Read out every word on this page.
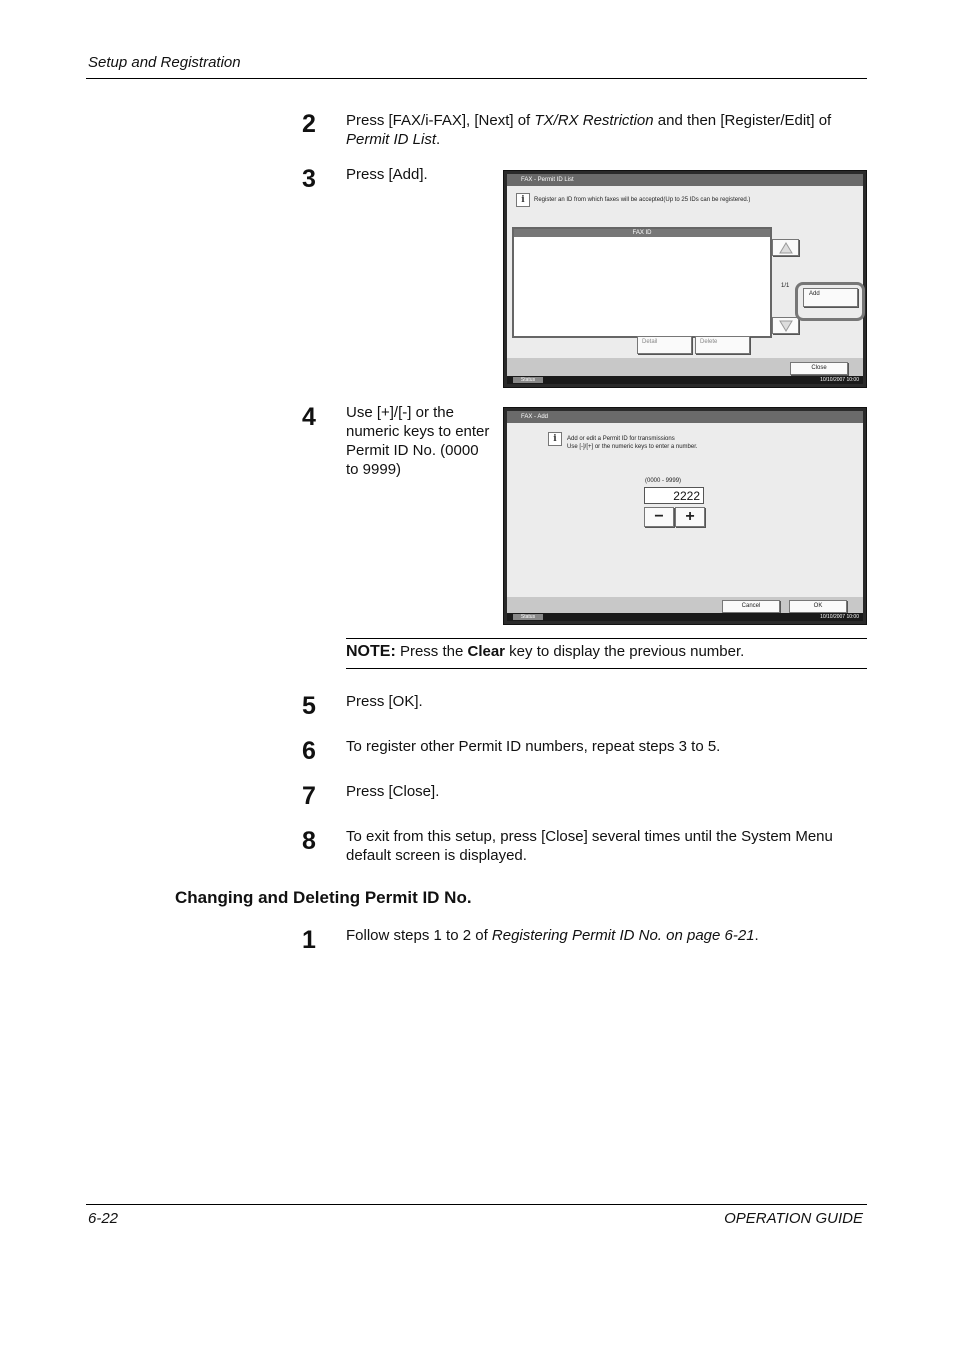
Setup and Registration
6-22	OPERATION GUIDE
2	Press [FAX/i-FAX], [Next] of TX/RX Restriction and then [Register/Edit] of Permit ID List.
3	Press [Add].	FAX - Permit ID List
i	Register an ID from which faxes will be accepted(Up to 25 IDs can be registered.)
FAX ID
1/1
Add
Detail	Delete
Close
Status	10/10/2007 10:00
4	Use [+]/[-] or the numeric keys to enter Permit ID No. (0000 to 9999)
FAX - Add
i	Add or edit a Permit ID for transmissions
Use [-]/[+] or the numeric keys to enter a number.
(0000 - 9999)
2222
−	+
Cancel	OK
Status	10/10/2007 10:00
NOTE: Press the Clear key to display the previous number.
5	Press [OK].
6	To register other Permit ID numbers, repeat steps 3 to 5.
7	Press [Close].
8	To exit from this setup, press [Close] several times until the System Menu default screen is displayed.
Changing and Deleting Permit ID No.
1	Follow steps 1 to 2 of Registering Permit ID No. on page 6-21.
